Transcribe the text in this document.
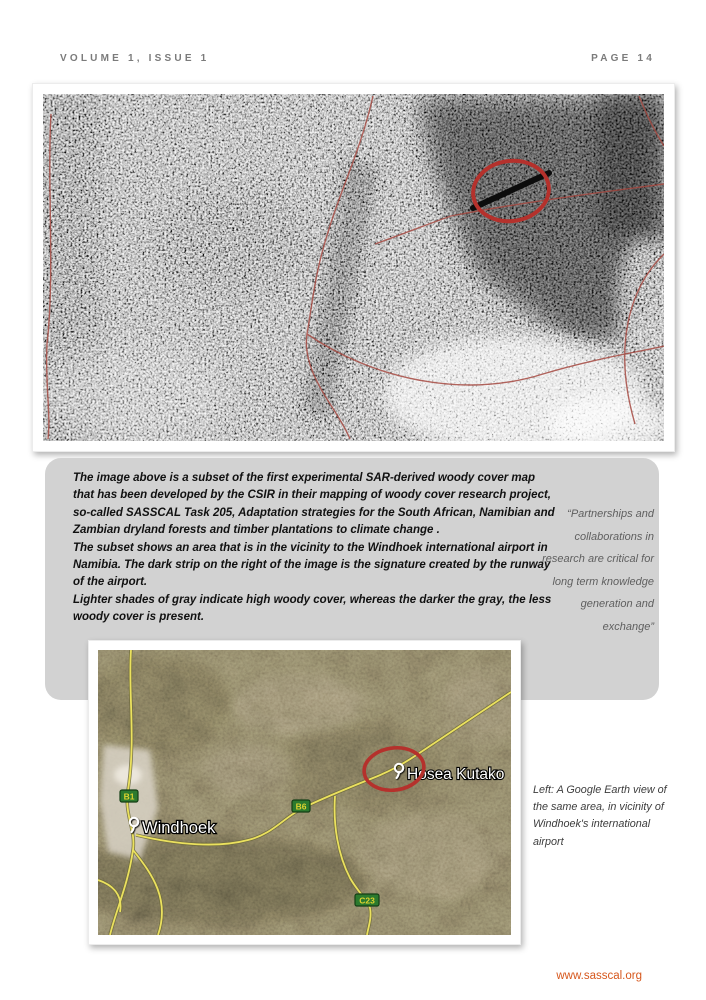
VOLUME 1, ISSUE 1	PAGE 14

The image above is a subset of the first experimental SAR-derived woody cover map that has been developed by the CSIR in their mapping of woody cover research project, so-called SASSCAL Task 205, Adaptation strategies for the South African, Namibian and Zambian dryland forests and timber plantations to climate change .

The subset shows an area that is in the vicinity to the Windhoek international airport in Namibia. The dark strip on the right of the image is the signature created by the runway of the airport.

Lighter shades of gray indicate high woody cover, whereas the darker the gray, the less woody cover is present.

“Partnerships and collaborations in research are critical for long term knowledge generation and exchange”
B1
B6
C23
Windhoek
Hosea Kutako
Left: A Google Earth view of the same area, in vicinity of Windhoek's international airport
www.sasscal.org
